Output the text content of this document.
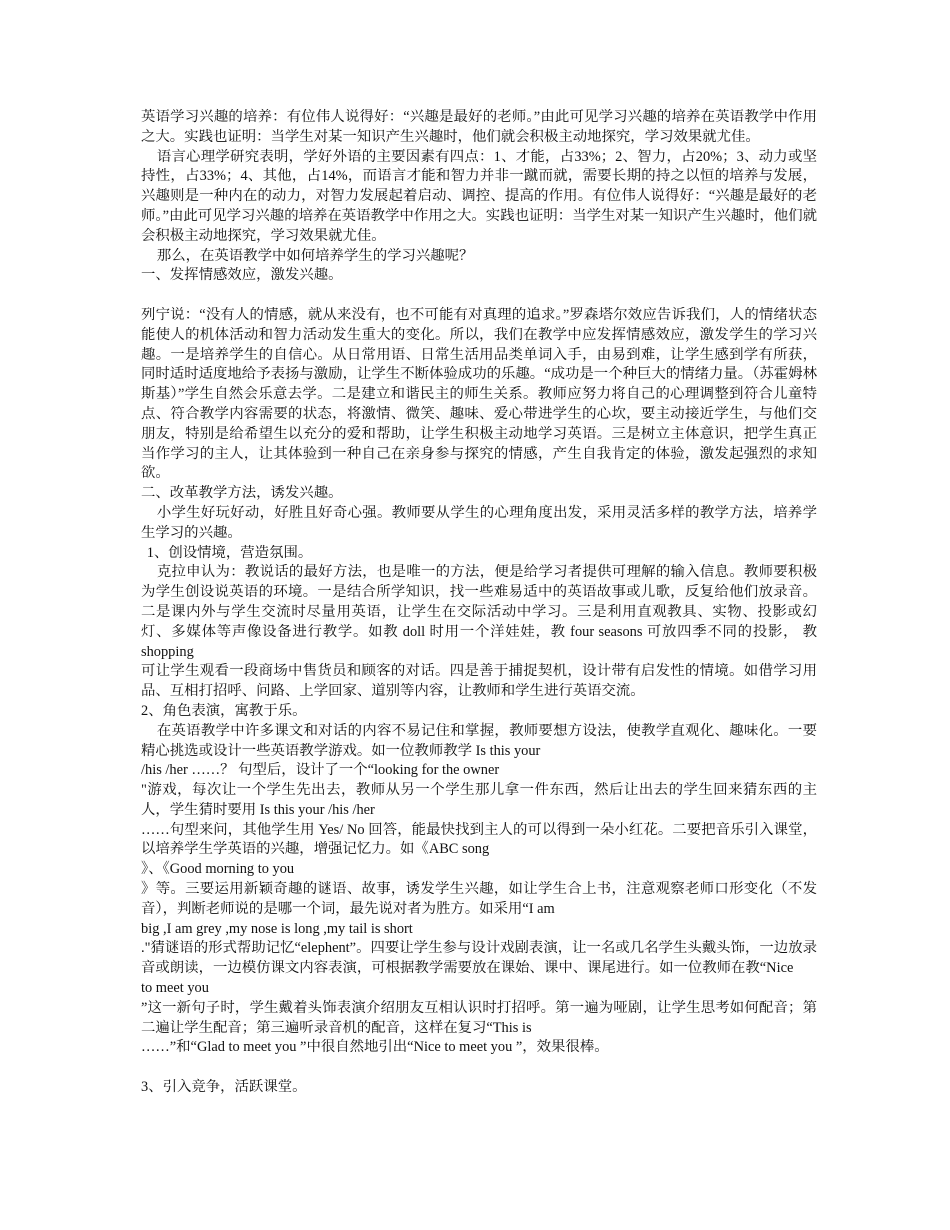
英语学习兴趣的培养：有位伟人说得好：“兴趣是最好的老师。”由此可见学习兴趣的培养在英语教学中作用之大。实践也证明：当学生对某一知识产生兴趣时，他们就会积极主动地探究，学习效果就尤佳。

语言心理学研究表明，学好外语的主要因素有四点：1、才能，占33%；2、智力，占20%；3、动力或坚持性，占33%；4、其他，占14%，而语言才能和智力并非一蹴而就，需要长期的持之以恒的培养与发展，兴趣则是一种内在的动力，对智力发展起着启动、调控、提高的作用。有位伟人说得好：“兴趣是最好的老师。”由此可见学习兴趣的培养在英语教学中作用之大。实践也证明：当学生对某一知识产生兴趣时，他们就会积极主动地探究，学习效果就尤佳。

那么，在英语教学中如何培养学生的学习兴趣呢？

一、发挥情感效应，激发兴趣。

列宁说：“没有人的情感，就从来没有，也不可能有对真理的追求。”罗森塔尔效应告诉我们，人的情绪状态能使人的机体活动和智力活动发生重大的变化。所以，我们在教学中应发挥情感效应，激发学生的学习兴趣。一是培养学生的自信心。从日常用语、日常生活用品类单词入手，由易到难，让学生感到学有所获，同时适时适度地给予表扬与激励，让学生不断体验成功的乐趣。“成功是一个种巨大的情绪力量。（苏霍姆林斯基）”学生自然会乐意去学。二是建立和谐民主的师生关系。教师应努力将自己的心理调整到符合儿童特点、符合教学内容需要的状态，将激情、微笑、趣味、爱心带进学生的心坎，要主动接近学生，与他们交朋友，特别是给希望生以充分的爱和帮助，让学生积极主动地学习英语。三是树立主体意识，把学生真正当作学习的主人，让其体验到一种自己在亲身参与探究的情感，产生自我肯定的体验，激发起强烈的求知欲。

二、改革教学方法，诱发兴趣。

小学生好玩好动，好胜且好奇心强。教师要从学生的心理角度出发，采用灵活多样的教学方法，培养学生学习的兴趣。

1、创设情境，营造氛围。

克拉申认为：教说话的最好方法，也是唯一的方法，便是给学习者提供可理解的输入信息。教师要积极为学生创设说英语的环境。一是结合所学知识，找一些难易适中的英语故事或儿歌，反复给他们放录音。二是课内外与学生交流时尽量用英语，让学生在交际活动中学习。三是利用直观教具、实物、投影或幻灯、多媒体等声像设备进行教学。如教 doll 时用一个洋娃娃，教 four seasons 可放四季不同的投影， 教 shopping

可让学生观看一段商场中售货员和顾客的对话。四是善于捕捉契机，设计带有启发性的情境。如借学习用品、互相打招呼、问路、上学回家、道别等内容，让教师和学生进行英语交流。

2、角色表演，寓教于乐。

在英语教学中许多课文和对话的内容不易记住和掌握，教师要想方设法，使教学直观化、趣味化。一要精心挑选或设计一些英语教学游戏。如一位教师教学 Is this your

/his /her ……？ 句型后，设计了一个“looking for the owner

"游戏，每次让一个学生先出去，教师从另一个学生那儿拿一件东西，然后让出去的学生回来猜东西的主人，学生猜时要用 Is this your /his /her

……句型来问，其他学生用 Yes/ No 回答，能最快找到主人的可以得到一朵小红花。二要把音乐引入课堂，以培养学生学英语的兴趣，增强记忆力。如《ABC song

》、《Good morning to you

》等。三要运用新颖奇趣的谜语、故事，诱发学生兴趣，如让学生合上书，注意观察老师口形变化（不发音），判断老师说的是哪一个词，最先说对者为胜方。如采用“I am

big ,I am grey ,my nose is long ,my tail is short

."猜谜语的形式帮助记忆“elephent”。四要让学生参与设计戏剧表演，让一名或几名学生头戴头饰，一边放录音或朗读，一边模仿课文内容表演，可根据教学需要放在课始、课中、课尾进行。如一位教师在教“Nice

to meet you

”这一新句子时，学生戴着头饰表演介绍朋友互相认识时打招呼。第一遍为哑剧，让学生思考如何配音；第二遍让学生配音；第三遍听录音机的配音，这样在复习“This is

……”和“Glad to meet you ”中很自然地引出“Nice to meet you ”，效果很棒。

3、引入竞争，活跃课堂。
